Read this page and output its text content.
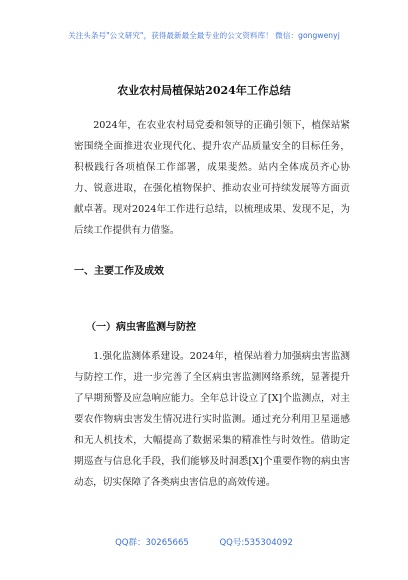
关注头条号"公文研究"，获得最新最全最专业的公文资料库！ 微信：gongwenyj
农业农村局植保站2024年工作总结

2024年，在农业农村局党委和领导的正确引领下，植保站紧密围绕全面推进农业现代化、提升农产品质量安全的目标任务，积极践行各项植保工作部署，成果斐然。站内全体成员齐心协力、锐意进取，在强化植物保护、推动农业可持续发展等方面贡献卓著。现对2024年工作进行总结，以梳理成果、发现不足，为后续工作提供有力借鉴。

一、主要工作及成效
（一）病虫害监测与防控

1.强化监测体系建设。2024年，植保站着力加强病虫害监测与防控工作，进一步完善了全区病虫害监测网络系统，显著提升了早期预警及应急响应能力。全年总计设立了[X]个监测点，对主要农作物病虫害发生情况进行实时监测。通过充分利用卫星遥感和无人机技术，大幅提高了数据采集的精准性与时效性。借助定期巡查与信息化手段，我们能够及时洞悉[X]个重要作物的病虫害动态，切实保障了各类病虫害信息的高效传递。

QQ群：30265665	QQ号:535304092
